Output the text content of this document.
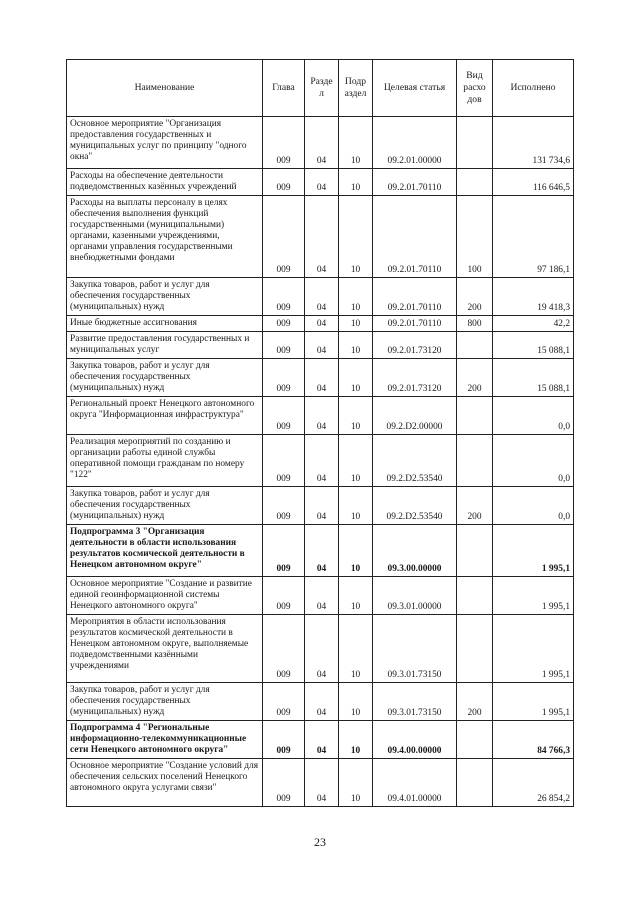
Наименование	Глава	Разде л	Подр аздел	Целевая статья	Вид расхо дов	Исполнено
Основное мероприятие "Организация предоставления государственных и муниципальных услуг по принципу "одного окна"	009	04	10	09.2.01.00000		131 734,6
Расходы на обеспечение деятельности подведомственных казённых учреждений	009	04	10	09.2.01.70110		116 646,5
Расходы на выплаты персоналу в целях обеспечения выполнения функций государственными (муниципальными) органами, казенными учреждениями, органами управления государственными внебюджетными фондами	009	04	10	09.2.01.70110	100	97 186,1
Закупка товаров, работ и услуг для обеспечения государственных (муниципальных) нужд	009	04	10	09.2.01.70110	200	19 418,3
Иные бюджетные ассигнования	009	04	10	09.2.01.70110	800	42,2
Развитие предоставления государственных и муниципальных услуг	009	04	10	09.2.01.73120		15 088,1
Закупка товаров, работ и услуг для обеспечения государственных (муниципальных) нужд	009	04	10	09.2.01.73120	200	15 088,1
Региональный проект Ненецкого автономного округа "Информационная инфраструктура"	009	04	10	09.2.D2.00000		0,0
Реализация мероприятий по созданию и организации работы единой службы оперативной помощи гражданам по номеру "122"	009	04	10	09.2.D2.53540		0,0
Закупка товаров, работ и услуг для обеспечения государственных (муниципальных) нужд	009	04	10	09.2.D2.53540	200	0,0
Подпрограмма 3 "Организация деятельности в области использования результатов космической деятельности в Ненецком автономном округе"	009	04	10	09.3.00.00000		1 995,1
Основное мероприятие "Создание и развитие единой геоинформационной системы Ненецкого автономного округа"	009	04	10	09.3.01.00000		1 995,1
Мероприятия в области использования результатов космической деятельности в Ненецком автономном округе, выполняемые подведомственными казёнными учреждениями	009	04	10	09.3.01.73150		1 995,1
Закупка товаров, работ и услуг для обеспечения государственных (муниципальных) нужд	009	04	10	09.3.01.73150	200	1 995,1
Подпрограмма 4 "Региональные информационно-телекоммуникационные сети Ненецкого автономного округа"	009	04	10	09.4.00.00000		84 766,3
Основное мероприятие "Создание условий для обеспечения сельских поселений Ненецкого автономного округа услугами связи"	009	04	10	09.4.01.00000		26 854,2
23
